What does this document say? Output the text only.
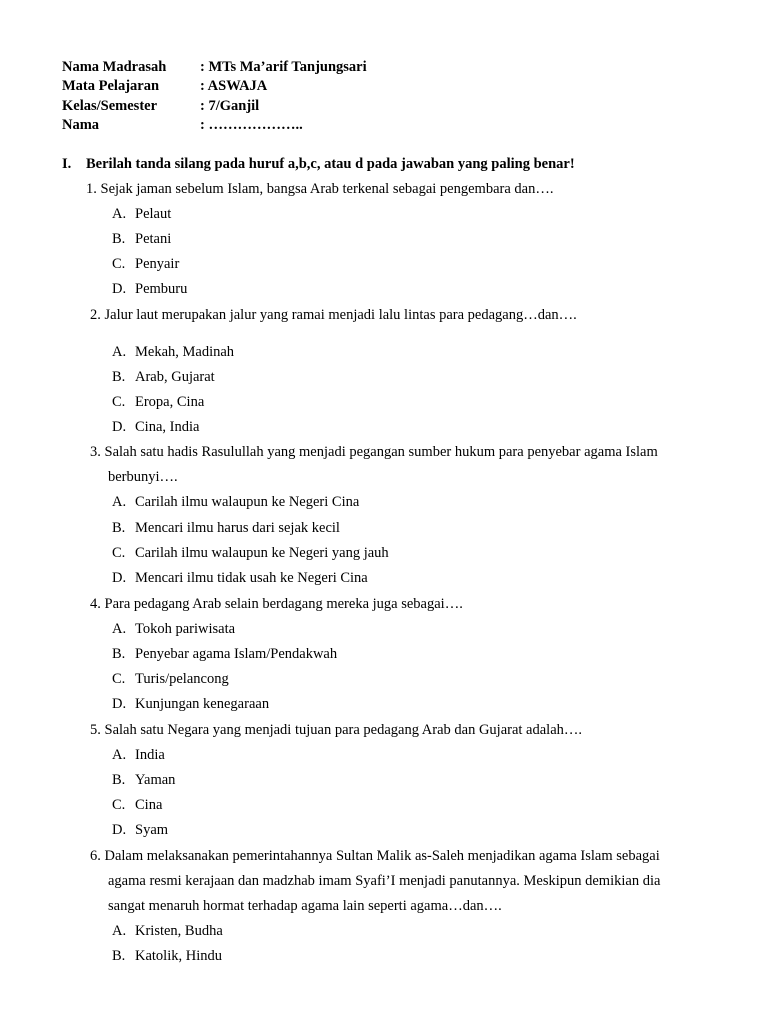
Nama Madrasah : MTs Ma’arif Tanjungsari
Mata Pelajaran	: ASWAJA
Kelas/Semester	: 7/Ganjil
Nama	: ………………..
I. Berilah tanda silang pada huruf a,b,c, atau d pada jawaban yang paling benar!
1. Sejak jaman sebelum Islam, bangsa Arab terkenal sebagai pengembara dan….
A. Pelaut
B. Petani
C. Penyair
D. Pemburu
2. Jalur laut merupakan jalur yang ramai menjadi lalu lintas para pedagang…dan….
A. Mekah, Madinah
B. Arab, Gujarat
C. Eropa, Cina
D. Cina, India
3. Salah satu hadis Rasulullah yang menjadi pegangan sumber hukum para penyebar agama Islam
berbunyi….
A. Carilah ilmu walaupun ke Negeri Cina
B. Mencari ilmu harus dari sejak kecil
C. Carilah ilmu walaupun ke Negeri yang jauh
D. Mencari ilmu tidak usah ke Negeri Cina
4. Para pedagang Arab selain berdagang mereka juga sebagai….
A. Tokoh pariwisata
B. Penyebar agama Islam/Pendakwah
C. Turis/pelancong
D. Kunjungan kenegaraan
5. Salah satu Negara yang menjadi tujuan para pedagang Arab dan Gujarat adalah….
A. India
B. Yaman
C. Cina
D. Syam
6. Dalam melaksanakan pemerintahannya Sultan Malik as-Saleh menjadikan agama Islam sebagai
agama resmi kerajaan dan madzhab imam Syafi’I menjadi panutannya. Meskipun demikian dia
sangat menaruh hormat terhadap agama lain seperti agama…dan….
A. Kristen, Budha
B. Katolik, Hindu
